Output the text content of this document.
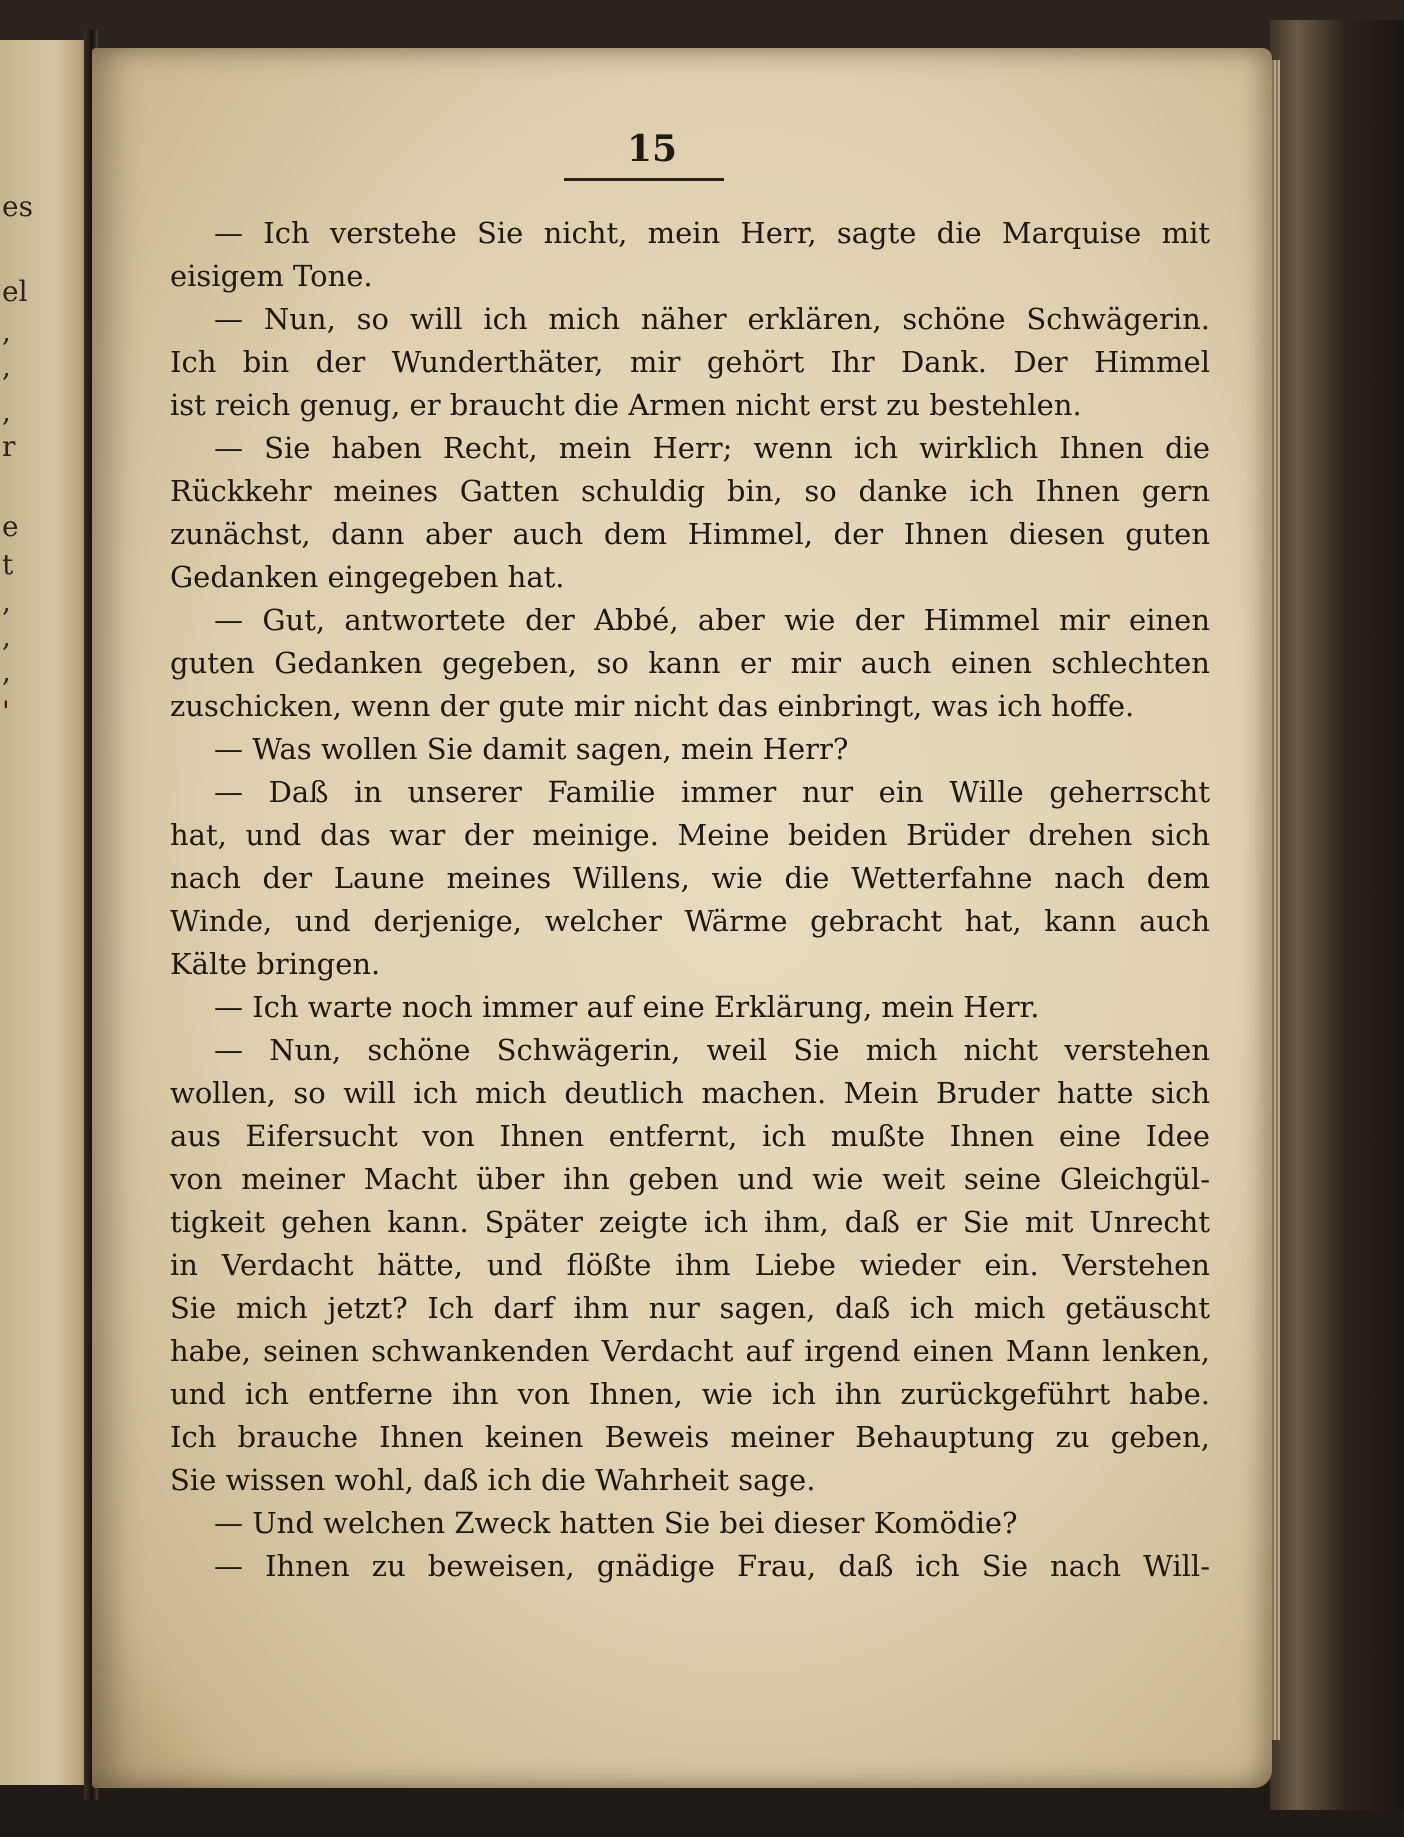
es
el
,
,
,
r
e
t
,
,
,
'
15
— Ich verstehe Sie nicht, mein Herr, sagte die Marquise mit
eisigem Tone.
— Nun, so will ich mich näher erklären, schöne Schwägerin.
Ich bin der Wunderthäter, mir gehört Ihr Dank. Der Himmel
ist reich genug, er braucht die Armen nicht erst zu bestehlen.
— Sie haben Recht, mein Herr; wenn ich wirklich Ihnen die
Rückkehr meines Gatten schuldig bin, so danke ich Ihnen gern
zunächst, dann aber auch dem Himmel, der Ihnen diesen guten
Gedanken eingegeben hat.
— Gut, antwortete der Abbé, aber wie der Himmel mir einen
guten Gedanken gegeben, so kann er mir auch einen schlechten
zuschicken, wenn der gute mir nicht das einbringt, was ich hoffe.
— Was wollen Sie damit sagen, mein Herr?
— Daß in unserer Familie immer nur ein Wille geherrscht
hat, und das war der meinige. Meine beiden Brüder drehen sich
nach der Laune meines Willens, wie die Wetterfahne nach dem
Winde, und derjenige, welcher Wärme gebracht hat, kann auch
Kälte bringen.
— Ich warte noch immer auf eine Erklärung, mein Herr.
— Nun, schöne Schwägerin, weil Sie mich nicht verstehen
wollen, so will ich mich deutlich machen. Mein Bruder hatte sich
aus Eifersucht von Ihnen entfernt, ich mußte Ihnen eine Idee
von meiner Macht über ihn geben und wie weit seine Gleichgül-
tigkeit gehen kann. Später zeigte ich ihm, daß er Sie mit Unrecht
in Verdacht hätte, und flößte ihm Liebe wieder ein. Verstehen
Sie mich jetzt? Ich darf ihm nur sagen, daß ich mich getäuscht
habe, seinen schwankenden Verdacht auf irgend einen Mann lenken,
und ich entferne ihn von Ihnen, wie ich ihn zurückgeführt habe.
Ich brauche Ihnen keinen Beweis meiner Behauptung zu geben,
Sie wissen wohl, daß ich die Wahrheit sage.
— Und welchen Zweck hatten Sie bei dieser Komödie?
— Ihnen zu beweisen, gnädige Frau, daß ich Sie nach Will-
